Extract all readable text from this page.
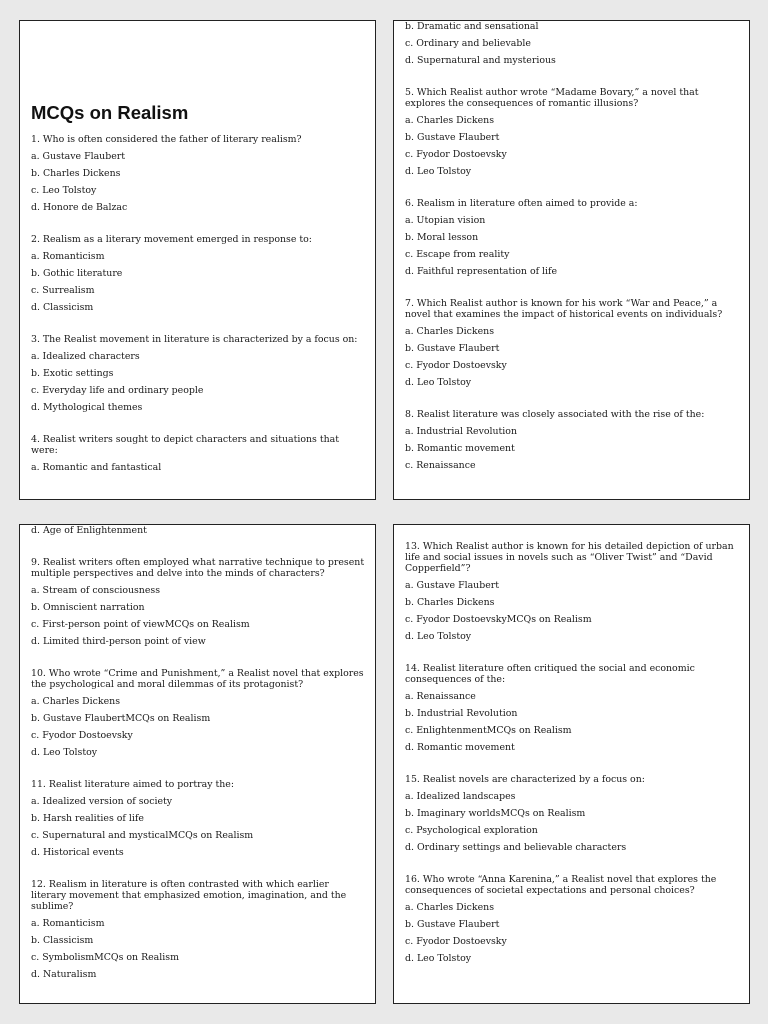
MCQs on Realism
1. Who is often considered the father of literary realism?
a. Gustave Flaubert
b. Charles Dickens
c. Leo Tolstoy
d. Honore de Balzac
2. Realism as a literary movement emerged in response to:
a. Romanticism
b. Gothic literature
c. Surrealism
d. Classicism
3. The Realist movement in literature is characterized by a focus on:
a. Idealized characters
b. Exotic settings
c. Everyday life and ordinary people
d. Mythological themes
4. Realist writers sought to depict characters and situations that were:
a. Romantic and fantastical
b. Dramatic and sensational
c. Ordinary and believable
d. Supernatural and mysterious
5. Which Realist author wrote “Madame Bovary,” a novel that explores the consequences of romantic illusions?
a. Charles Dickens
b. Gustave Flaubert
c. Fyodor Dostoevsky
d. Leo Tolstoy
6. Realism in literature often aimed to provide a:
a. Utopian vision
b. Moral lesson
c. Escape from reality
d. Faithful representation of life
7. Which Realist author is known for his work “War and Peace,” a novel that examines the impact of historical events on individuals?
a. Charles Dickens
b. Gustave Flaubert
c. Fyodor Dostoevsky
d. Leo Tolstoy
8. Realist literature was closely associated with the rise of the:
a. Industrial Revolution
b. Romantic movement
c. Renaissance
d. Age of Enlightenment
9. Realist writers often employed what narrative technique to present multiple perspectives and delve into the minds of characters?
a. Stream of consciousness
b. Omniscient narration
c. First-person point of viewMCQs on Realism
d. Limited third-person point of view
10. Who wrote “Crime and Punishment,” a Realist novel that explores the psychological and moral dilemmas of its protagonist?
a. Charles Dickens
b. Gustave FlaubertMCQs on Realism
c. Fyodor Dostoevsky
d. Leo Tolstoy
11. Realist literature aimed to portray the:
a. Idealized version of society
b. Harsh realities of life
c. Supernatural and mysticalMCQs on Realism
d. Historical events
12. Realism in literature is often contrasted with which earlier literary movement that emphasized emotion, imagination, and the sublime?
a. Romanticism
b. Classicism
c. SymbolismMCQs on Realism
d. Naturalism
13. Which Realist author is known for his detailed depiction of urban life and social issues in novels such as “Oliver Twist” and “David Copperfield”?
a. Gustave Flaubert
b. Charles Dickens
c. Fyodor DostoevskyMCQs on Realism
d. Leo Tolstoy
14. Realist literature often critiqued the social and economic consequences of the:
a. Renaissance
b. Industrial Revolution
c. EnlightenmentMCQs on Realism
d. Romantic movement
15. Realist novels are characterized by a focus on:
a. Idealized landscapes
b. Imaginary worldsMCQs on Realism
c. Psychological exploration
d. Ordinary settings and believable characters
16. Who wrote “Anna Karenina,” a Realist novel that explores the consequences of societal expectations and personal choices?
a. Charles Dickens
b. Gustave Flaubert
c. Fyodor Dostoevsky
d. Leo Tolstoy
